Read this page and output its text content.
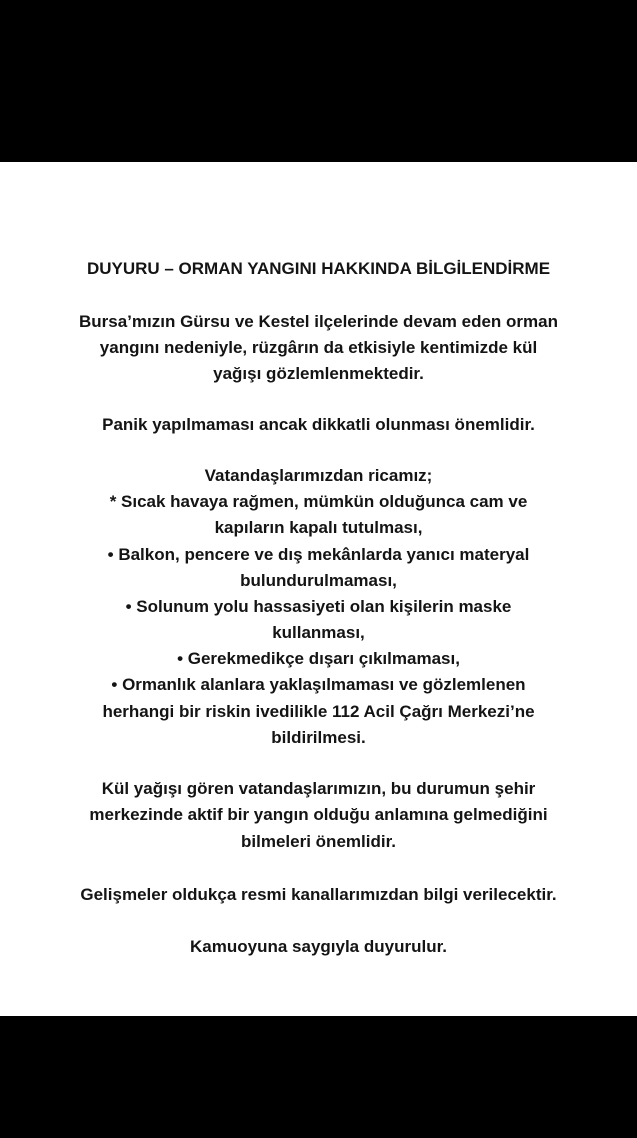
DUYURU – ORMAN YANGINI HAKKINDA BİLGİLENDİRME
Bursa’mızın Gürsu ve Kestel ilçelerinde devam eden orman
yangını nedeniyle, rüzgârın da etkisiyle kentimizde kül
yağışı gözlemlenmektedir.
Panik yapılmaması ancak dikkatli olunması önemlidir.
Vatandaşlarımızdan ricamız;
* Sıcak havaya rağmen, mümkün olduğunca cam ve
kapıların kapalı tutulması,
• Balkon, pencere ve dış mekânlarda yanıcı materyal
bulundurulmaması,
• Solunum yolu hassasiyeti olan kişilerin maske
kullanması,
• Gerekmedikçe dışarı çıkılmaması,
• Ormanlık alanlara yaklaşılmaması ve gözlemlenen
herhangi bir riskin ivedilikle 112 Acil Çağrı Merkezi’ne
bildirilmesi.
Kül yağışı gören vatandaşlarımızın, bu durumun şehir
merkezinde aktif bir yangın olduğu anlamına gelmediğini
bilmeleri önemlidir.
Gelişmeler oldukça resmi kanallarımızdan bilgi verilecektir.
Kamuoyuna saygıyla duyurulur.
